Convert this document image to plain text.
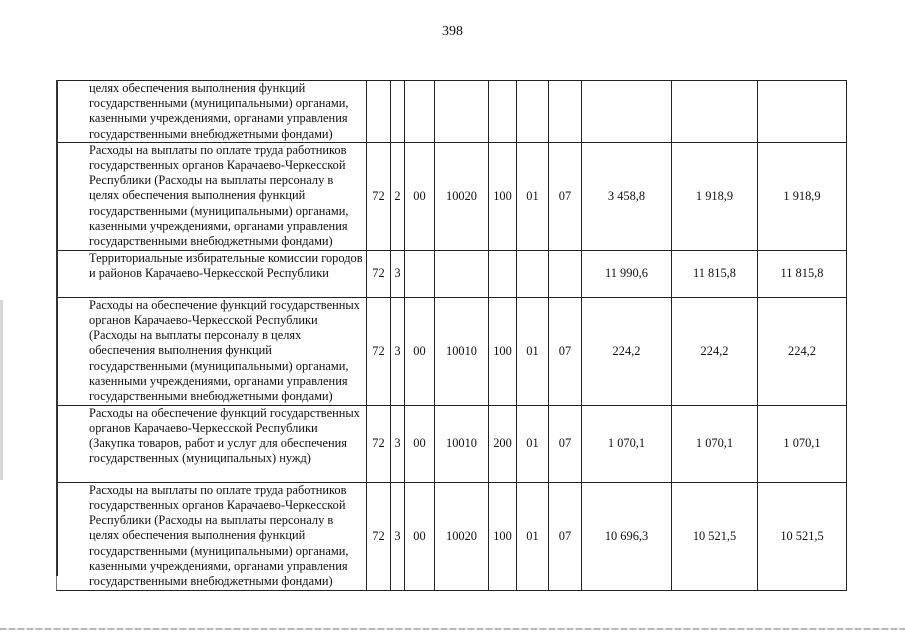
398
целях обеспечения выполнения функций государственными (муниципальными) органами, казенными учреждениями, органами управления государственными внебюджетными фондами)										
Расходы на выплаты по оплате труда работников государственных органов Карачаево-Черкесской Республики (Расходы на выплаты персоналу в целях обеспечения выполнения функций государственными (муниципальными) органами, казенными учреждениями, органами управления государственными внебюджетными фондами)	72	2	00	10020	100	01	07	3 458,8	1 918,9	1 918,9
Территориальные избирательные комиссии городов и районов Карачаево-Черкесской Республики	72	3						11 990,6	11 815,8	11 815,8
Расходы на обеспечение функций государственных органов Карачаево-Черкесской Республики (Расходы на выплаты персоналу в целях обеспечения выполнения функций государственными (муниципальными) органами, казенными учреждениями, органами управления государственными внебюджетными фондами)	72	3	00	10010	100	01	07	224,2	224,2	224,2
Расходы на обеспечение функций государственных органов Карачаево-Черкесской Республики (Закупка товаров, работ и услуг для обеспечения государственных (муниципальных) нужд)	72	3	00	10010	200	01	07	1 070,1	1 070,1	1 070,1
Расходы на выплаты по оплате труда работников государственных органов Карачаево-Черкесской Республики (Расходы на выплаты персоналу в целях обеспечения выполнения функций государственными (муниципальными) органами, казенными учреждениями, органами управления государственными внебюджетными фондами)	72	3	00	10020	100	01	07	10 696,3	10 521,5	10 521,5
